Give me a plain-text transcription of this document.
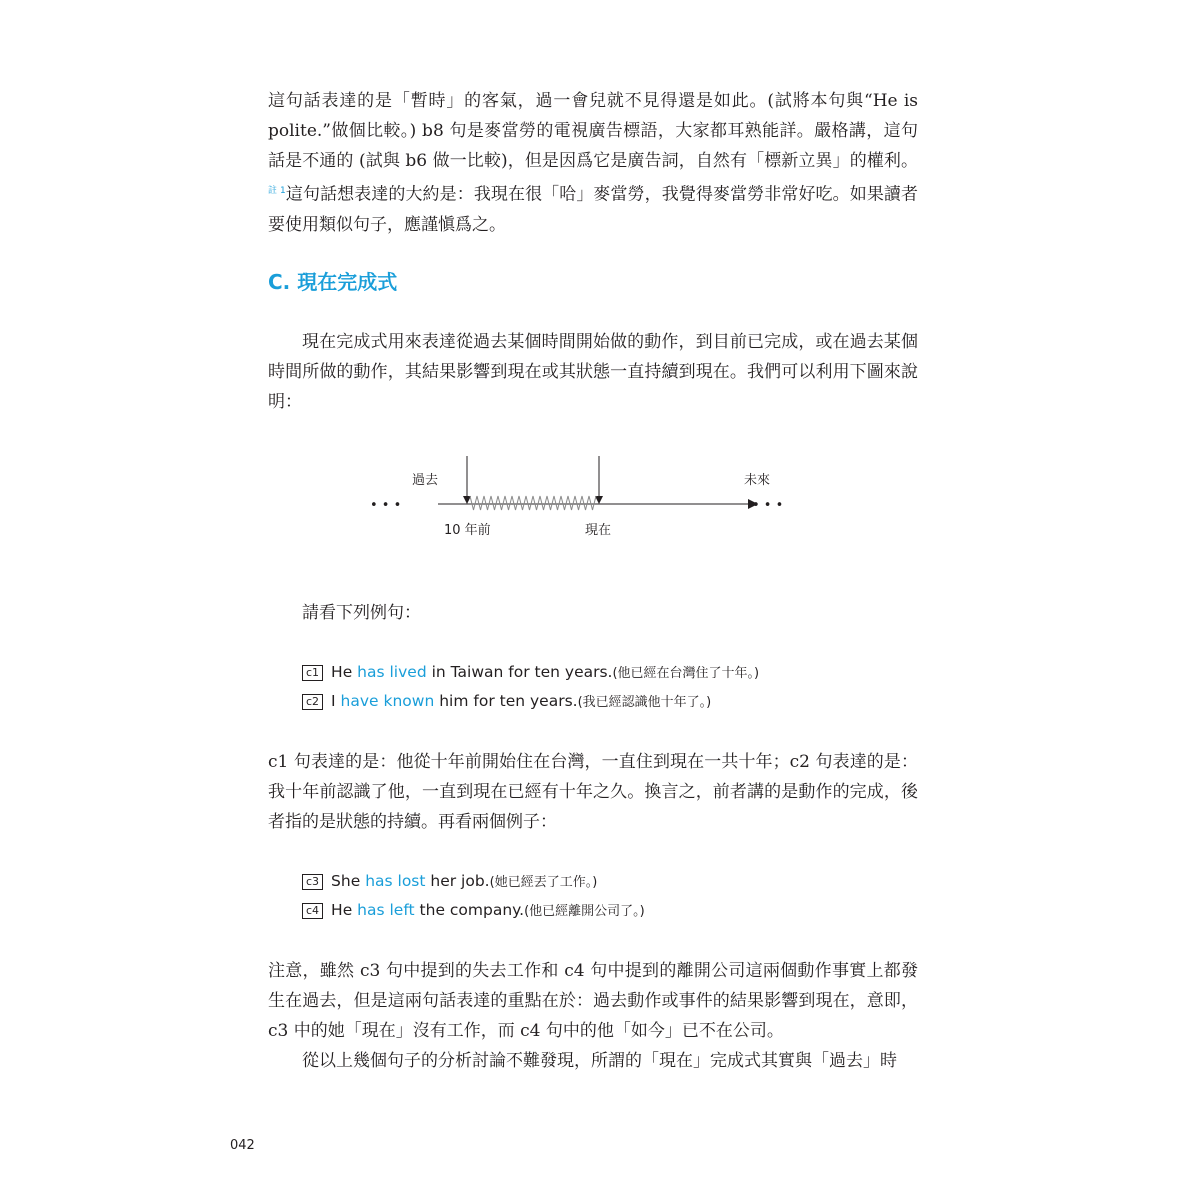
這句話表達的是「暫時」的客氣，過一會兒就不見得還是如此。(試將本句與“He is polite.”做個比較。) b8 句是麥當勞的電視廣告標語，大家都耳熟能詳。嚴格講，這句話是不通的 (試與 b6 做一比較)，但是因爲它是廣告詞，自然有「標新立異」的權利。$^{註 1}$這句話想表達的大約是：我現在很「哈」麥當勞，我覺得麥當勞非常好吃。如果讀者要使用類似句子，應謹愼爲之。

C. 現在完成式

現在完成式用來表達從過去某個時間開始做的動作，到目前已完成，或在過去某個時間所做的動作，其結果影響到現在或其狀態一直持續到現在。我們可以利用下圖來說明：

• • •	• • •
過去	未來
10 年前	現在

請看下列例句：

c1 He has lived in Taiwan for ten years.(他已經在台灣住了十年。)
c2 I have known him for ten years.(我已經認識他十年了。)

c1 句表達的是：他從十年前開始住在台灣，一直住到現在一共十年；c2 句表達的是：我十年前認識了他，一直到現在已經有十年之久。換言之，前者講的是動作的完成，後者指的是狀態的持續。再看兩個例子：

c3 She has lost her job.(她已經丟了工作。)
c4 He has left the company.(他已經離開公司了。)

注意，雖然 c3 句中提到的失去工作和 c4 句中提到的離開公司這兩個動作事實上都發生在過去，但是這兩句話表達的重點在於：過去動作或事件的結果影響到現在，意即，c3 中的她「現在」沒有工作，而 c4 句中的他「如今」已不在公司。

從以上幾個句子的分析討論不難發現，所謂的「現在」完成式其實與「過去」時

042
